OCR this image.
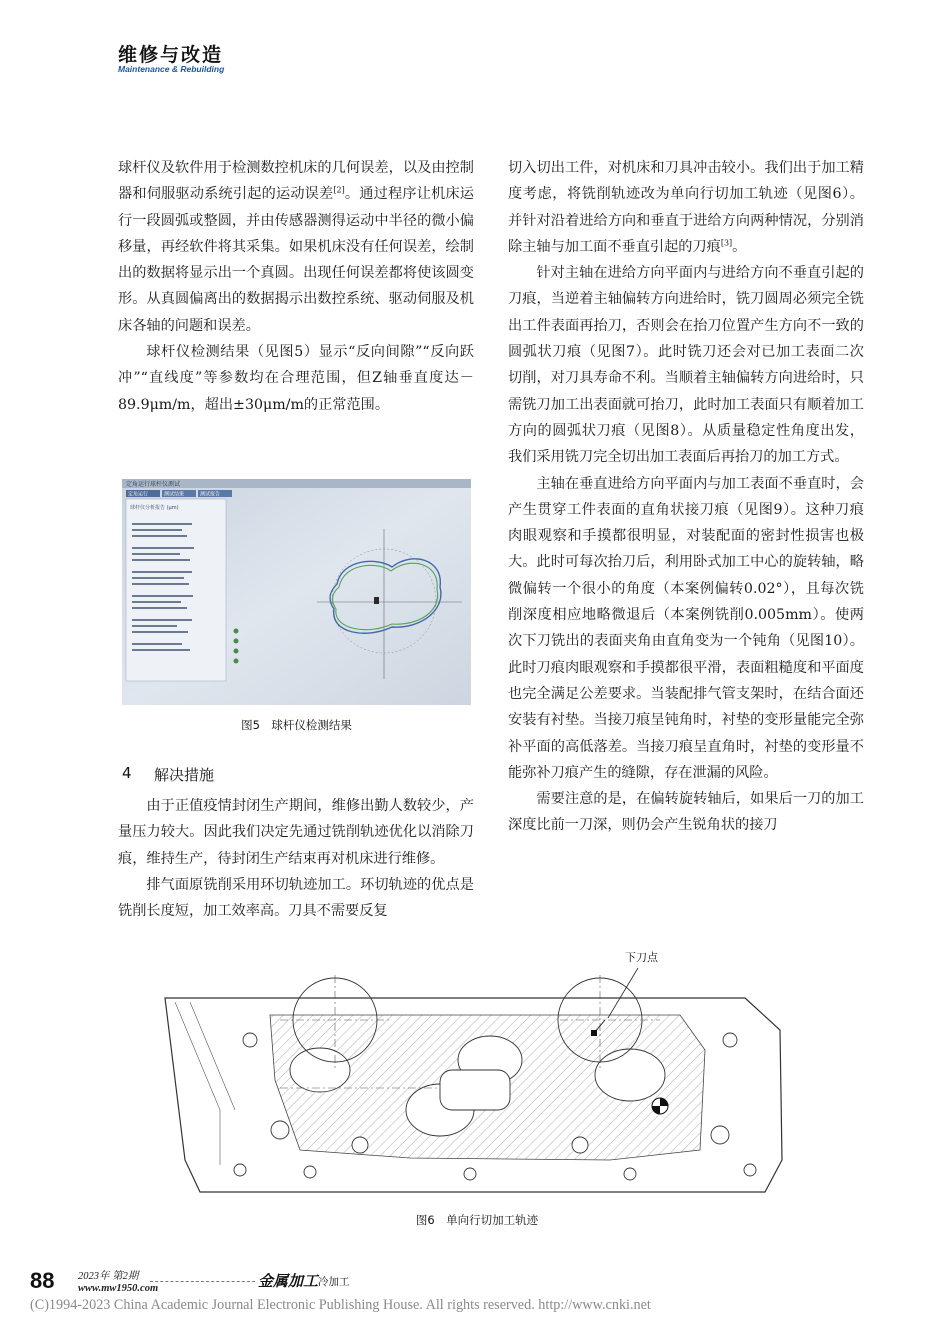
维修与改造
Maintenance & Rebuilding

球杆仪及软件用于检测数控机床的几何误差，以及由控制器和伺服驱动系统引起的运动误差[2]。通过程序让机床运行一段圆弧或整圆，并由传感器测得运动中半径的微小偏移量，再经软件将其采集。如果机床没有任何误差，绘制出的数据将显示出一个真圆。出现任何误差都将使该圆变形。从真圆偏离出的数据揭示出数控系统、驱动伺服及机床各轴的问题和误差。

球杆仪检测结果（见图5）显示“反向间隙”“反向跃冲”“直线度”等参数均在合理范围，但Z轴垂直度达－89.9μm/m，超出±30μm/m的正常范围。

定角运行球杆仪测试
定角运行	测试结果	测试报告
球杆仪分析报告 (μm)
图5　球杆仪检测结果
4 解决措施

由于正值疫情封闭生产期间，维修出勤人数较少，产量压力较大。因此我们决定先通过铣削轨迹优化以消除刀痕，维持生产，待封闭生产结束再对机床进行维修。

排气面原铣削采用环切轨迹加工。环切轨迹的优点是铣削长度短，加工效率高。刀具不需要反复

切入切出工件，对机床和刀具冲击较小。我们出于加工精度考虑，将铣削轨迹改为单向行切加工轨迹（见图6）。并针对沿着进给方向和垂直于进给方向两种情况，分别消除主轴与加工面不垂直引起的刀痕[3]。

针对主轴在进给方向平面内与进给方向不垂直引起的刀痕，当逆着主轴偏转方向进给时，铣刀圆周必须完全铣出工件表面再抬刀，否则会在抬刀位置产生方向不一致的圆弧状刀痕（见图7）。此时铣刀还会对已加工表面二次切削，对刀具寿命不利。当顺着主轴偏转方向进给时，只需铣刀加工出表面就可抬刀，此时加工表面只有顺着加工方向的圆弧状刀痕（见图8）。从质量稳定性角度出发，我们采用铣刀完全切出加工表面后再抬刀的加工方式。

主轴在垂直进给方向平面内与加工表面不垂直时，会产生贯穿工件表面的直角状接刀痕（见图9）。这种刀痕肉眼观察和手摸都很明显，对装配面的密封性损害也极大。此时可每次抬刀后，利用卧式加工中心的旋转轴，略微偏转一个很小的角度（本案例偏转0.02°），且每次铣削深度相应地略微退后（本案例铣削0.005mm）。使两次下刀铣出的表面夹角由直角变为一个钝角（见图10）。此时刀痕肉眼观察和手摸都很平滑，表面粗糙度和平面度也完全满足公差要求。当装配排气管支架时，在结合面还安装有衬垫。当接刀痕呈钝角时，衬垫的变形量能完全弥补平面的高低落差。当接刀痕呈直角时，衬垫的变形量不能弥补刀痕产生的缝隙，存在泄漏的风险。

需要注意的是，在偏转旋转轴后，如果后一刀的加工深度比前一刀深，则仍会产生锐角状的接刀

下刀点
图6　单向行切加工轨迹
88 2023年 第2期
www.mw1950.com	金属加工 冷加工
(C)1994-2023 China Academic Journal Electronic Publishing House. All rights reserved. http://www.cnki.net
